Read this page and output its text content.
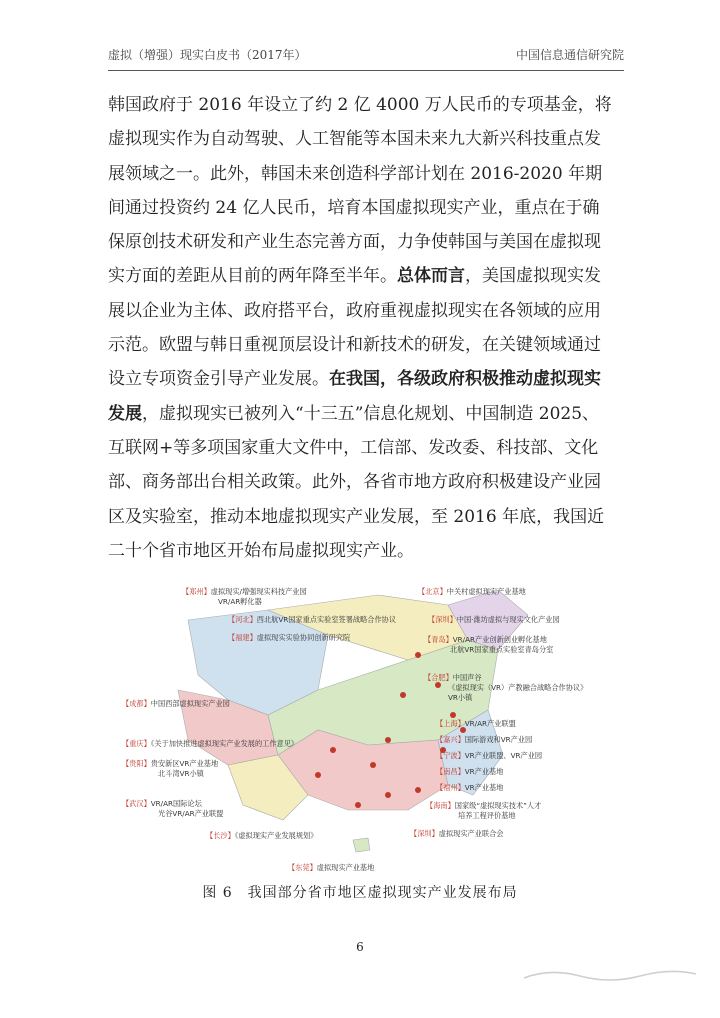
虚拟（增强）现实白皮书（2017年）	中国信息通信研究院

韩国政府于 2016 年设立了约 2 亿 4000 万人民币的专项基金，将虚拟现实作为自动驾驶、人工智能等本国未来九大新兴科技重点发展领域之一。此外，韩国未来创造科学部计划在 2016-2020 年期间通过投资约 24 亿人民币，培育本国虚拟现实产业，重点在于确保原创技术研发和产业生态完善方面，力争使韩国与美国在虚拟现实方面的差距从目前的两年降至半年。总体而言，美国虚拟现实发展以企业为主体、政府搭平台，政府重视虚拟现实在各领域的应用示范。欧盟与韩日重视顶层设计和新技术的研发，在关键领域通过设立专项资金引导产业发展。在我国，各级政府积极推动虚拟现实发展，虚拟现实已被列入“十三五”信息化规划、中国制造 2025、互联网+等多项国家重大文件中，工信部、发改委、科技部、文化部、商务部出台相关政策。此外，各省市地方政府积极建设产业园区及实验室，推动本地虚拟现实产业发展，至 2016 年底，我国近二十个省市地区开始布局虚拟现实产业。

【郑州】虚拟现实/增强现实科技产业园
VR/AR孵化器
【河北】西北航VR国家重点实验室签署战略合作协议
【福建】虚拟现实实验协同创新研究院
【成都】中国西部虚拟现实产业园
【重庆】《关于加快推进虚拟现实产业发展的工作意见》
【贵阳】贵安新区VR产业基地
北斗湾VR小镇
【武汉】VR/AR国际论坛
光谷VR/AR产业联盟
【长沙】《虚拟现实产业发展规划》
【东莞】虚拟现实产业基地
【北京】中关村虚拟现实产业基地
【深圳】中国·潍坊虚拟与现实文化产业园
【青岛】VR/AR产业创新创业孵化基地
北航VR国家重点实验室青岛分室
【合肥】中国声谷
《虚拟现实（VR）产教融合战略合作协议》
VR小镇
【上海】VR/AR产业联盟
【嘉兴】国际游戏和VR产业园
【宁波】VR产业联盟、VR产业园
【南昌】VR产业基地
【福州】VR产业基地
【海南】国家级“虚拟现实技术”人才
培养工程评价基地
【深圳】虚拟现实产业联合会
图 6　我国部分省市地区虚拟现实产业发展布局
6
